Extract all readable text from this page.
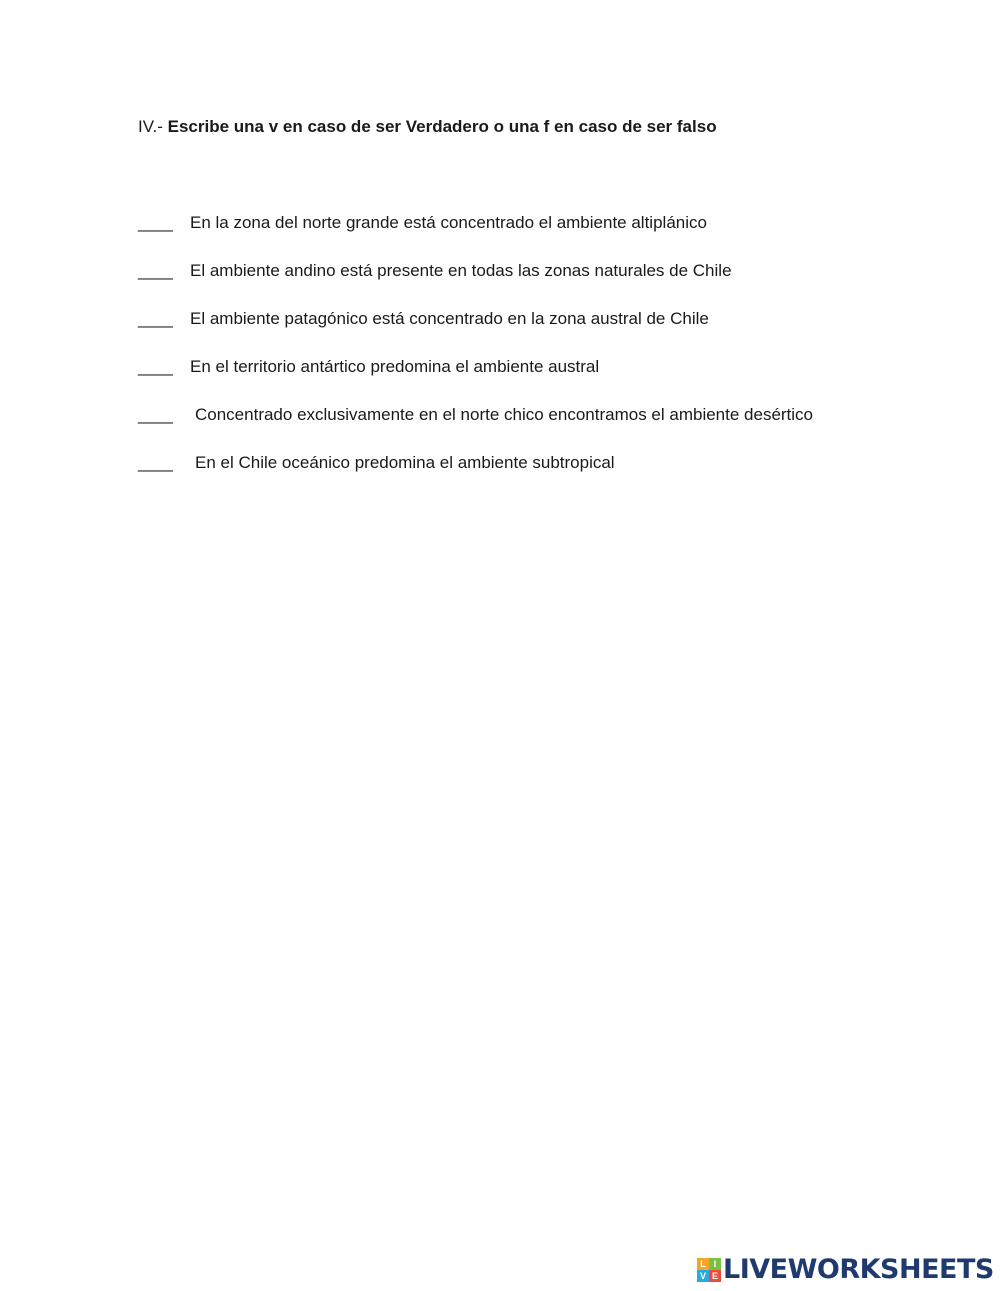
IV.- Escribe una v en caso de ser Verdadero o una f en caso de ser falso
____	En la zona del norte grande está concentrado el ambiente altiplánico
____	El ambiente andino está presente en todas las zonas naturales de Chile
____	El ambiente patagónico está concentrado en la zona austral de Chile
____	En el territorio antártico predomina el ambiente austral
____	Concentrado exclusivamente en el norte chico encontramos el ambiente desértico
____	En el Chile oceánico predomina el ambiente subtropical
L I
V E LIVEWORKSHEETS
